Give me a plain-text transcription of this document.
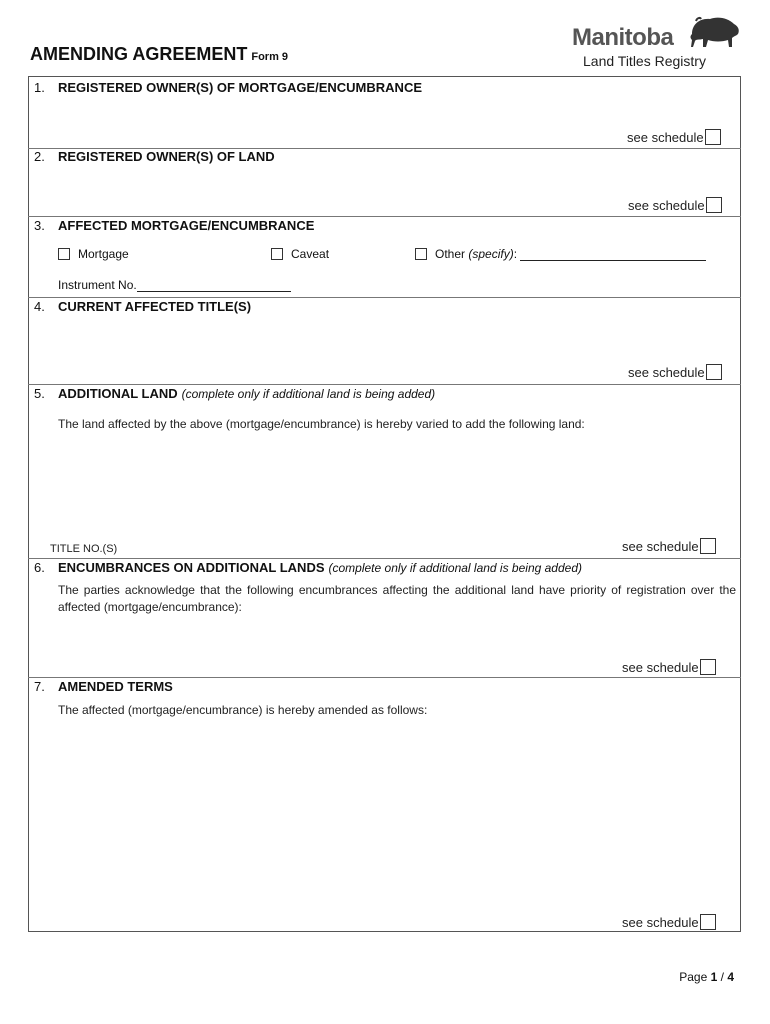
AMENDING AGREEMENT Form 9
Manitoba
Land Titles Registry
1. REGISTERED OWNER(S) OF MORTGAGE/ENCUMBRANCE
see schedule
2. REGISTERED OWNER(S) OF LAND
see schedule
3. AFFECTED MORTGAGE/ENCUMBRANCE
Mortgage	Caveat	Other (specify):
Instrument No.
4. CURRENT AFFECTED TITLE(S)
see schedule
5. ADDITIONAL LAND (complete only if additional land is being added)
The land affected by the above (mortgage/encumbrance) is hereby varied to add the following land:
TITLE NO.(S)	see schedule
6. ENCUMBRANCES ON ADDITIONAL LANDS (complete only if additional land is being added)
The parties acknowledge that the following encumbrances affecting the additional land have priority of registration over the affected (mortgage/encumbrance):
see schedule
7. AMENDED TERMS
The affected (mortgage/encumbrance) is hereby amended as follows:
see schedule
Page 1 / 4
